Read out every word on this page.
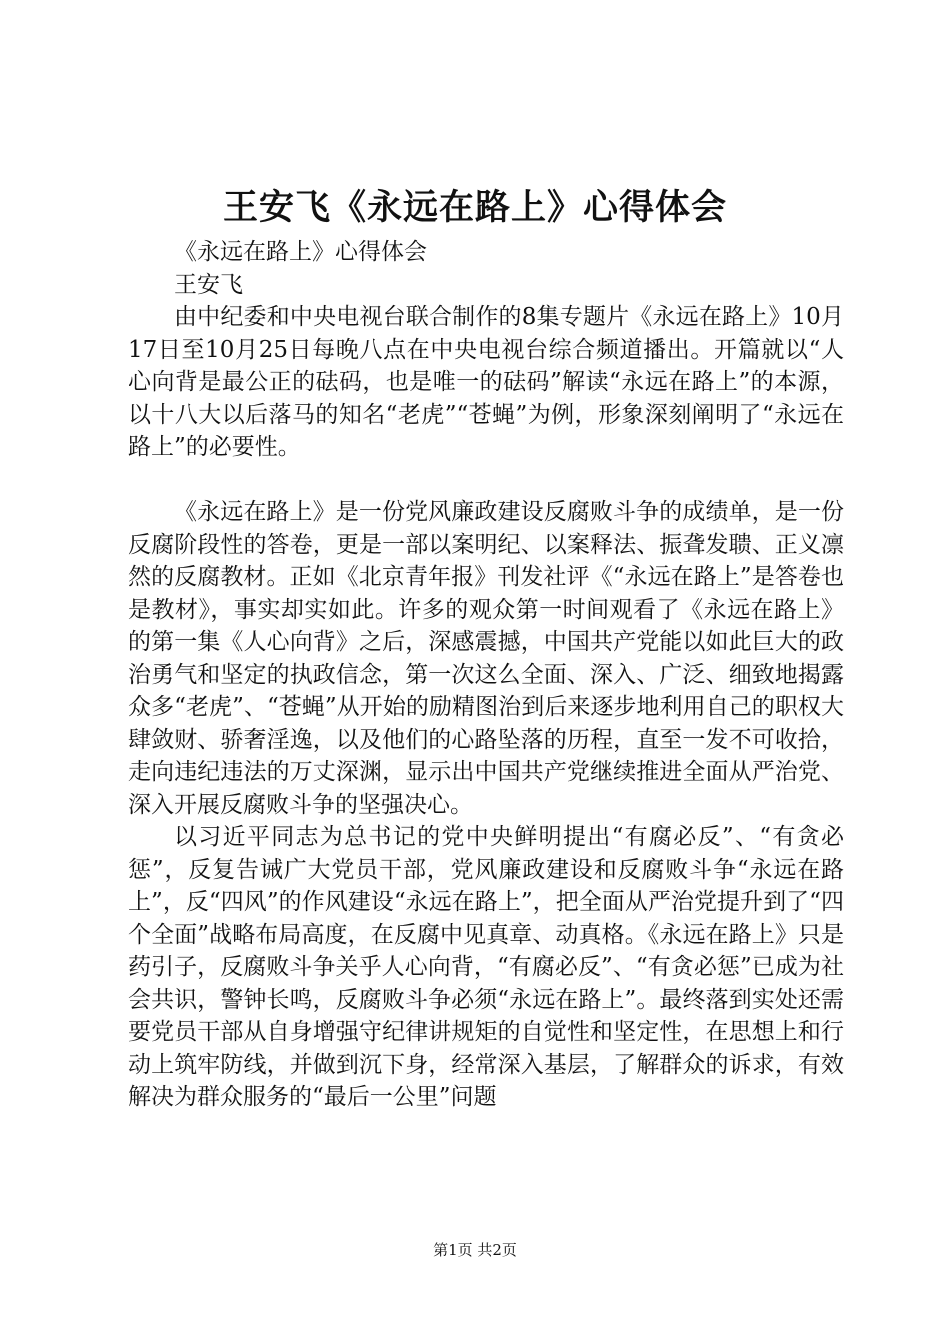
王安飞《永远在路上》心得体会

《永远在路上》心得体会

王安飞

由中纪委和中央电视台联合制作的8集专题片《永远在路上》10月17日至10月25日每晚八点在中央电视台综合频道播出。开篇就以“人心向背是最公正的砝码，也是唯一的砝码”解读“永远在路上”的本源，以十八大以后落马的知名“老虎”“苍蝇”为例，形象深刻阐明了“永远在路上”的必要性。

《永远在路上》是一份党风廉政建设反腐败斗争的成绩单，是一份反腐阶段性的答卷，更是一部以案明纪、以案释法、振聋发聩、正义凛然的反腐教材。正如《北京青年报》刊发社评《“永远在路上”是答卷也是教材》，事实却实如此。许多的观众第一时间观看了《永远在路上》的第一集《人心向背》之后，深感震撼，中国共产党能以如此巨大的政治勇气和坚定的执政信念，第一次这么全面、深入、广泛、细致地揭露众多“老虎”、“苍蝇”从开始的励精图治到后来逐步地利用自己的职权大肆敛财、骄奢淫逸，以及他们的心路坠落的历程，直至一发不可收拾，走向违纪违法的万丈深渊，显示出中国共产党继续推进全面从严治党、深入开展反腐败斗争的坚强决心。

以习近平同志为总书记的党中央鲜明提出“有腐必反”、“有贪必惩”，反复告诫广大党员干部，党风廉政建设和反腐败斗争“永远在路上”，反“四风”的作风建设“永远在路上”，把全面从严治党提升到了“四个全面”战略布局高度，在反腐中见真章、动真格。《永远在路上》只是药引子，反腐败斗争关乎人心向背，“有腐必反”、“有贪必惩”已成为社会共识，警钟长鸣，反腐败斗争必须“永远在路上”。最终落到实处还需要党员干部从自身增强守纪律讲规矩的自觉性和坚定性，在思想上和行动上筑牢防线，并做到沉下身，经常深入基层，了解群众的诉求，有效解决为群众服务的“最后一公里”问题

第1页 共2页
